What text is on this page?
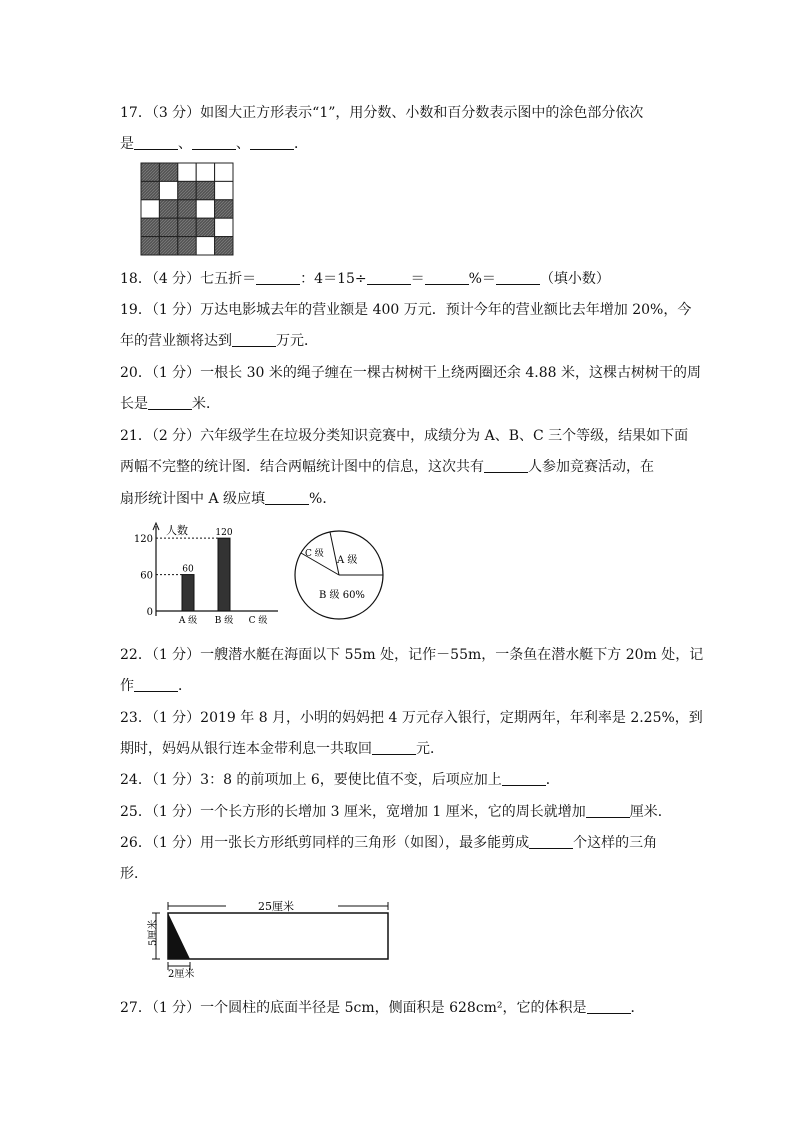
17．（3 分）如图大正方形表示“1”，用分数、小数和百分数表示图中的涂色部分依次
是	、	、	．
18．（4 分）七五折＝	：4＝15÷	＝	%＝	（填小数）
19．（1 分）万达电影城去年的营业额是 400 万元．预计今年的营业额比去年增加 20%，今
年的营业额将达到	万元．
20．（1 分）一根长 30 米的绳子缠在一棵古树树干上绕两圈还余 4.88 米，这棵古树树干的周
长是	米．
21．（2 分）六年级学生在垃圾分类知识竞赛中，成绩分为 A、B、C 三个等级，结果如下面
两幅不完整的统计图．结合两幅统计图中的信息，这次共有	人参加竞赛活动，在
扇形统计图中 A 级应填	%．
人数
120
60
0
60
A 级
120
B 级 C 级
C 级
A 级
B 级 60%
22．（1 分）一艘潜水艇在海面以下 55m 处，记作－55m，一条鱼在潜水艇下方 20m 处，记
作	．
23．（1 分）2019 年 8 月，小明的妈妈把 4 万元存入银行，定期两年，年利率是 2.25%，到
期时，妈妈从银行连本金带利息一共取回	元．
24．（1 分）3：8 的前项加上 6，要使比值不变，后项应加上	．
25．（1 分）一个长方形的长增加 3 厘米，宽增加 1 厘米，它的周长就增加	厘米．
26．（1 分）用一张长方形纸剪同样的三角形（如图），最多能剪成	个这样的三角
形．
25厘米
5厘米
2厘米
27．（1 分）一个圆柱的底面半径是 5cm，侧面积是 628cm²，它的体积是	．
